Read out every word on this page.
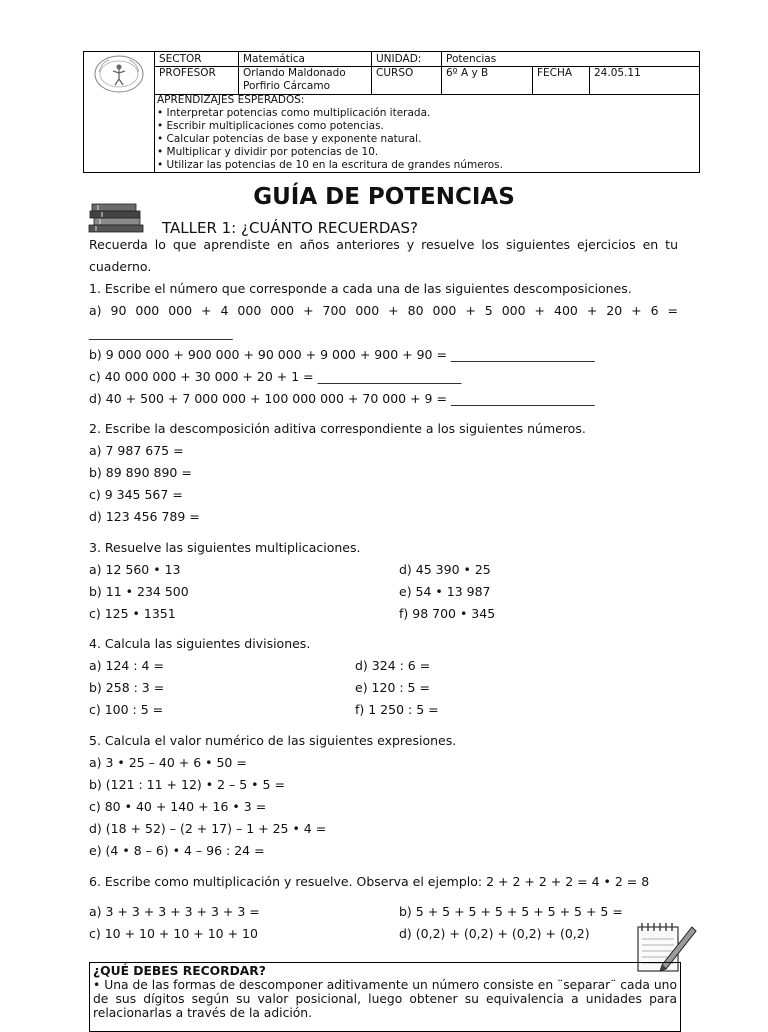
SECTOR	Matemática	UNIDAD: Potencias
PROFESOR	Orlando Maldonado
Porfirio Cárcamo
CURSO	6º A y B	FECHA 24.05.11
APRENDIZAJES ESPERADOS:
• Interpretar potencias como multiplicación iterada.
• Escribir multiplicaciones como potencias.
• Calcular potencias de base y exponente natural.
• Multiplicar y dividir por potencias de 10.
• Utilizar las potencias de 10 en la escritura de grandes números.
GUÍA DE POTENCIAS
TALLER 1: ¿CUÁNTO RECUERDAS?
Recuerda lo que aprendiste en años anteriores y resuelve los siguientes ejercicios en tu cuaderno.
1. Escribe el número que corresponde a cada una de las siguientes descomposiciones.
a) 90 000 000 + 4 000 000 + 700 000 + 80 000 + 5 000 + 400 + 20 + 6 =
_______________________
b) 9 000 000 + 900 000 + 90 000 + 9 000 + 900 + 90 = _______________________
c) 40 000 000 + 30 000 + 20 + 1 = _______________________
d) 40 + 500 + 7 000 000 + 100 000 000 + 70 000 + 9 = _______________________
2. Escribe la descomposición aditiva correspondiente a los siguientes números.
a) 7 987 675 =
b) 89 890 890 =
c) 9 345 567 =
d) 123 456 789 =
3. Resuelve las siguientes multiplicaciones.
a) 12 560 • 13
b) 11 • 234 500
c) 125 • 1351
d) 45 390 • 25
e) 54 • 13 987
f) 98 700 • 345
4. Calcula las siguientes divisiones.
a) 124 : 4 =
b) 258 : 3 =
c) 100 : 5 =
d) 324 : 6 =
e) 120 : 5 =
f) 1 250 : 5 =
5. Calcula el valor numérico de las siguientes expresiones.
a) 3 • 25 – 40 + 6 • 50 =
b) (121 : 11 + 12) • 2 – 5 • 5 =
c) 80 • 40 + 140 + 16 • 3 =
d) (18 + 52) – (2 + 17) – 1 + 25 • 4 =
e) (4 • 8 – 6) • 4 – 96 : 24 =
6. Escribe como multiplicación y resuelve. Observa el ejemplo: 2 + 2 + 2 + 2 = 4 • 2 = 8
a) 3 + 3 + 3 + 3 + 3 + 3 =
c) 10 + 10 + 10 + 10 + 10
b) 5 + 5 + 5 + 5 + 5 + 5 + 5 + 5 =
d) (0,2) + (0,2) + (0,2) + (0,2)
¿QUÉ DEBES RECORDAR?
• Una de las formas de descomponer aditivamente un número consiste en ¨separar¨ cada uno de sus dígitos según su valor posicional, luego obtener su equivalencia a unidades para relacionarlas a través de la adición.
